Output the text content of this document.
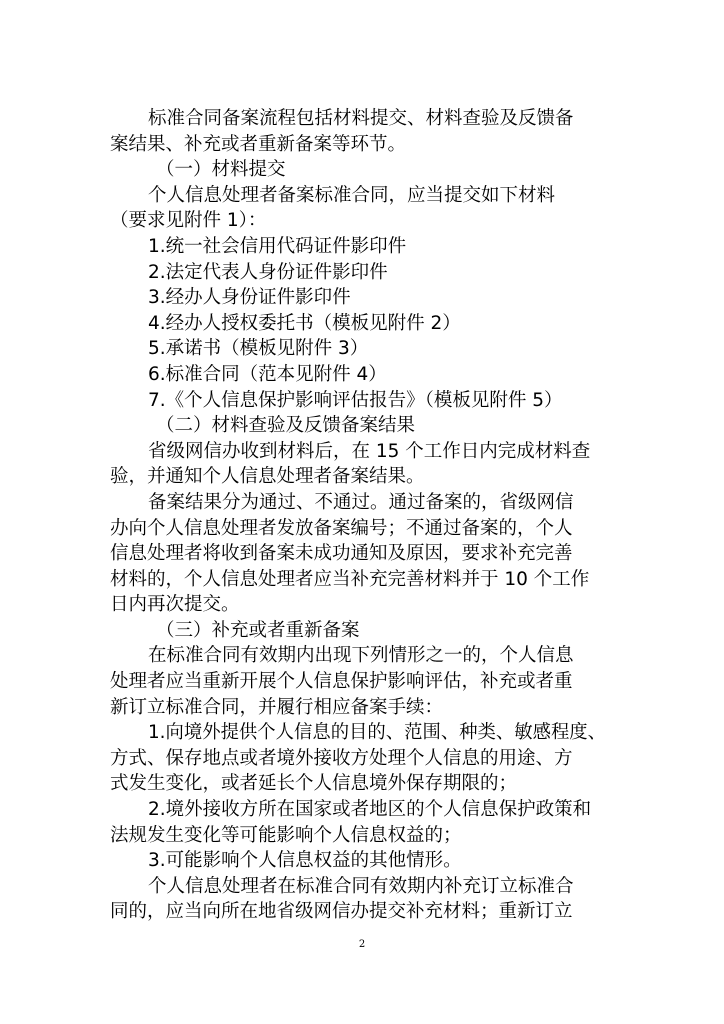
标准合同备案流程包括材料提交、材料查验及反馈备
案结果、补充或者重新备案等环节。
（一）材料提交
个人信息处理者备案标准合同，应当提交如下材料
（要求见附件 1）：
1.统一社会信用代码证件影印件
2.法定代表人身份证件影印件
3.经办人身份证件影印件
4.经办人授权委托书（模板见附件 2）
5.承诺书（模板见附件 3）
6.标准合同（范本见附件 4）
7.《个人信息保护影响评估报告》（模板见附件 5）
（二）材料查验及反馈备案结果
省级网信办收到材料后，在 15 个工作日内完成材料查
验，并通知个人信息处理者备案结果。
备案结果分为通过、不通过。通过备案的，省级网信
办向个人信息处理者发放备案编号；不通过备案的，个人
信息处理者将收到备案未成功通知及原因，要求补充完善
材料的，个人信息处理者应当补充完善材料并于 10 个工作
日内再次提交。
（三）补充或者重新备案
在标准合同有效期内出现下列情形之一的，个人信息
处理者应当重新开展个人信息保护影响评估，补充或者重
新订立标准合同，并履行相应备案手续：
1.向境外提供个人信息的目的、范围、种类、敏感程度、
方式、保存地点或者境外接收方处理个人信息的用途、方
式发生变化，或者延长个人信息境外保存期限的；
2.境外接收方所在国家或者地区的个人信息保护政策和
法规发生变化等可能影响个人信息权益的；
3.可能影响个人信息权益的其他情形。
个人信息处理者在标准合同有效期内补充订立标准合
同的，应当向所在地省级网信办提交补充材料；重新订立
2
